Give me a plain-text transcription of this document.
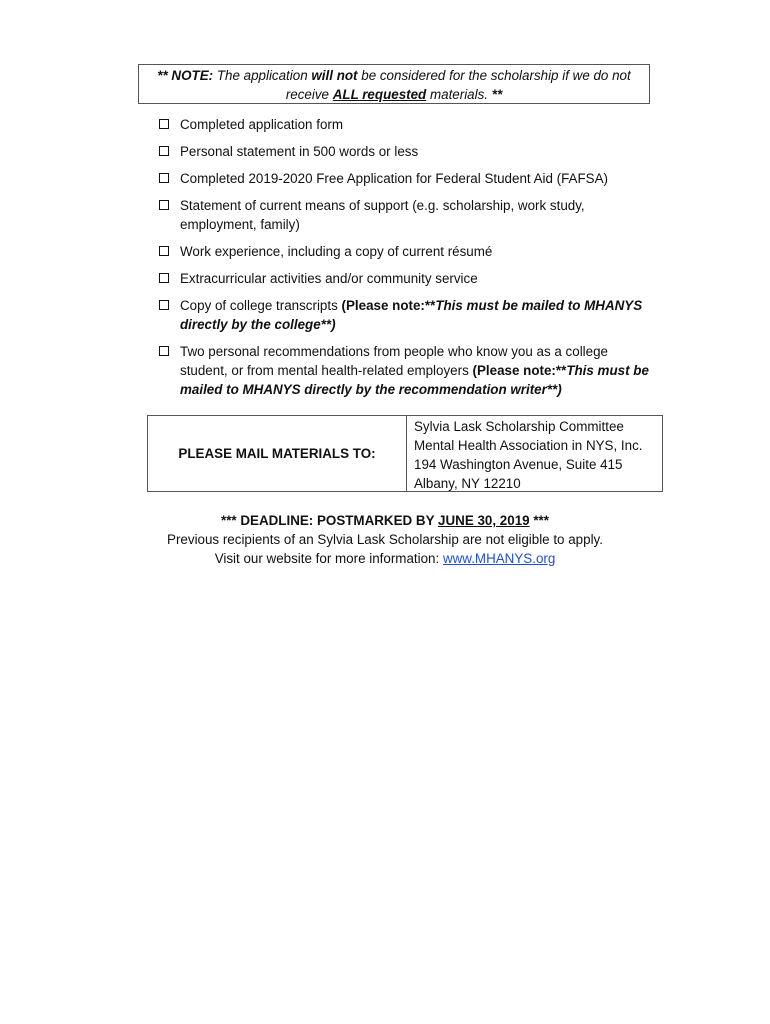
** NOTE: The application will not be considered for the scholarship if we do not receive ALL requested materials. **
Completed application form
Personal statement in 500 words or less
Completed 2019-2020 Free Application for Federal Student Aid (FAFSA)
Statement of current means of support (e.g. scholarship, work study, employment, family)
Work experience, including a copy of current résumé
Extracurricular activities and/or community service
Copy of college transcripts (Please note:**This must be mailed to MHANYS directly by the college**)
Two personal recommendations from people who know you as a college student, or from mental health-related employers (Please note:**This must be mailed to MHANYS directly by the recommendation writer**)
PLEASE MAIL MATERIALS TO:
Sylvia Lask Scholarship Committee
Mental Health Association in NYS, Inc.
194 Washington Avenue, Suite 415
Albany, NY 12210
*** DEADLINE: POSTMARKED BY JUNE 30, 2019 ***
Previous recipients of an Sylvia Lask Scholarship are not eligible to apply.
Visit our website for more information: www.MHANYS.org
